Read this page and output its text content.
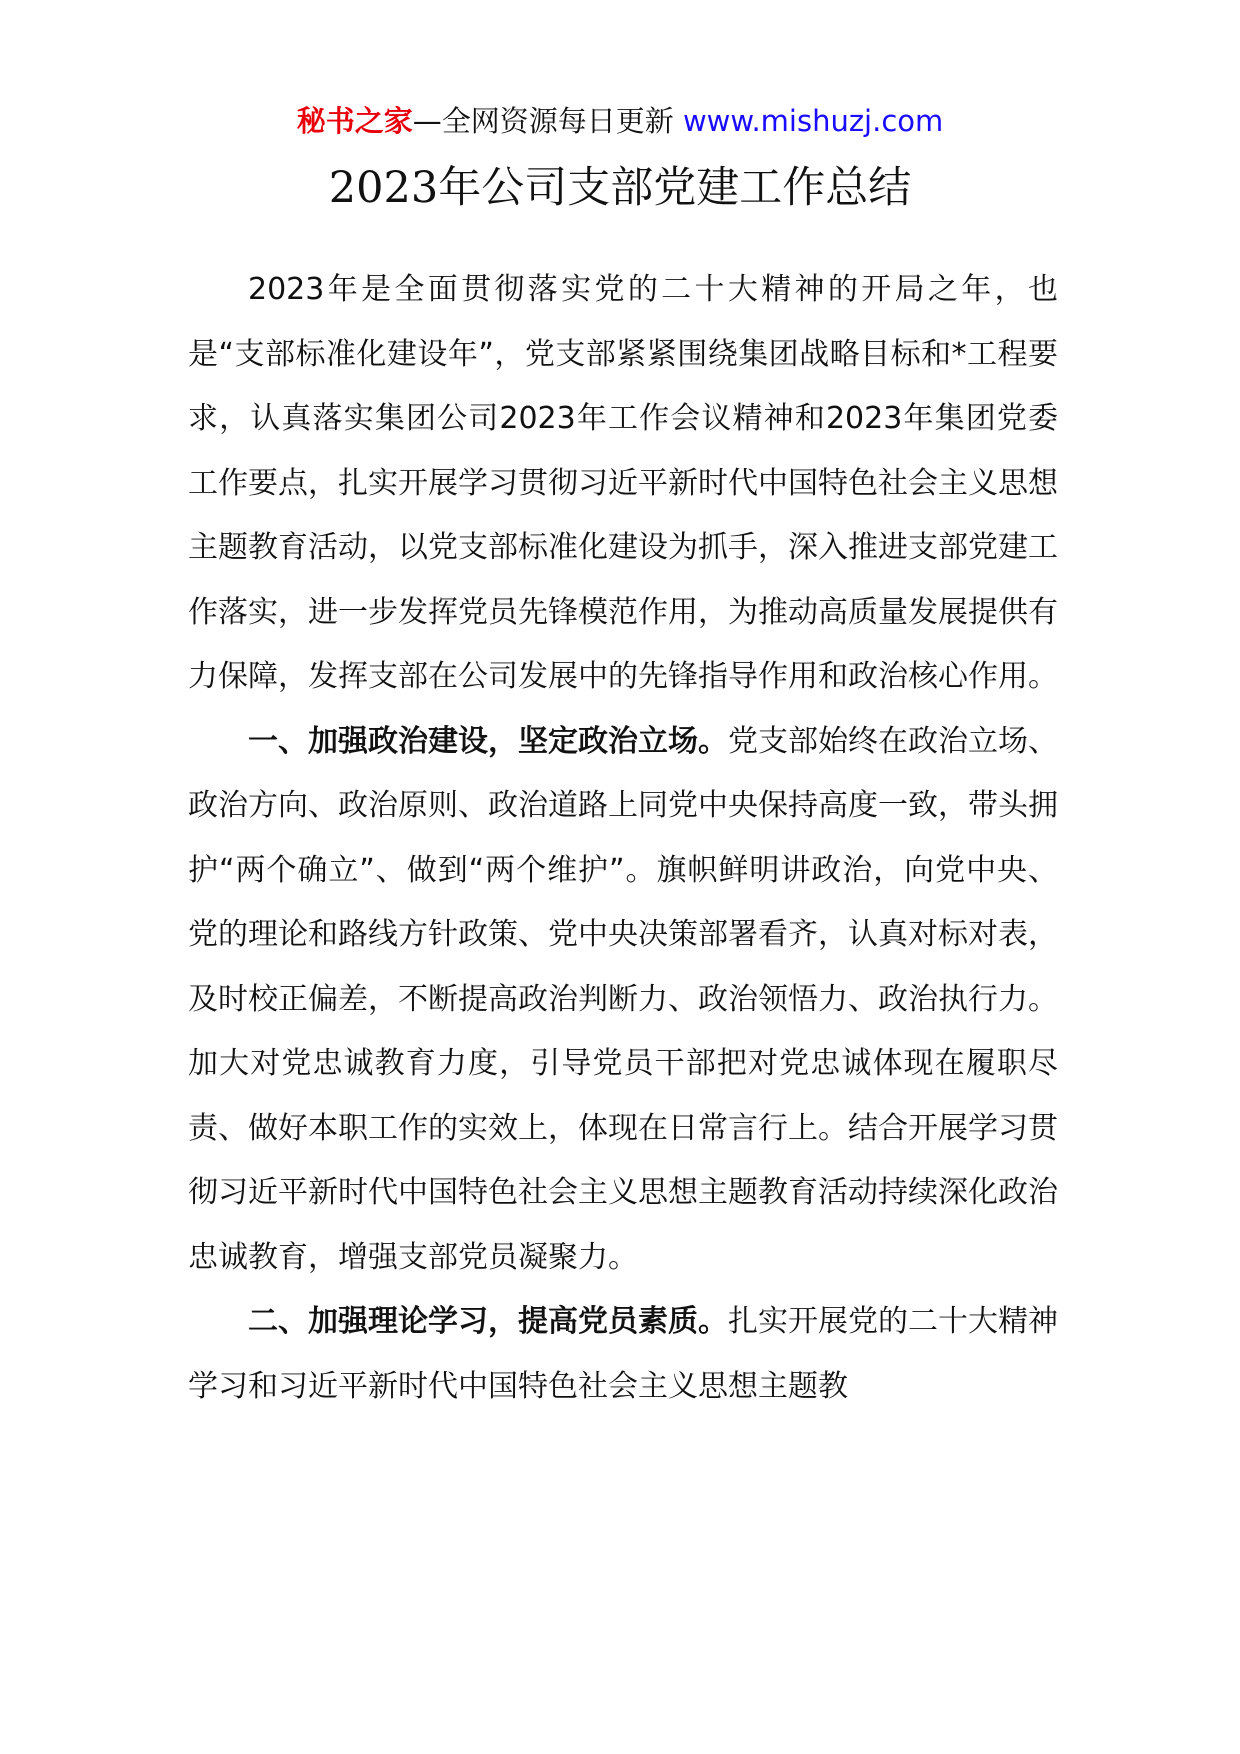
秘书之家—全网资源每日更新 www.mishuzj.com
2023年公司支部党建工作总结

2023年是全面贯彻落实党的二十大精神的开局之年，也是“支部标准化建设年”，党支部紧紧围绕集团战略目标和*工程要求，认真落实集团公司2023年工作会议精神和2023年集团党委工作要点，扎实开展学习贯彻习近平新时代中国特色社会主义思想主题教育活动，以党支部标准化建设为抓手，深入推进支部党建工作落实，进一步发挥党员先锋模范作用，为推动高质量发展提供有力保障，发挥支部在公司发展中的先锋指导作用和政治核心作用。

一、加强政治建设，坚定政治立场。党支部始终在政治立场、政治方向、政治原则、政治道路上同党中央保持高度一致，带头拥护“两个确立”、做到“两个维护”。旗帜鲜明讲政治，向党中央、党的理论和路线方针政策、党中央决策部署看齐，认真对标对表，及时校正偏差，不断提高政治判断力、政治领悟力、政治执行力。加大对党忠诚教育力度，引导党员干部把对党忠诚体现在履职尽责、做好本职工作的实效上，体现在日常言行上。结合开展学习贯彻习近平新时代中国特色社会主义思想主题教育活动持续深化政治忠诚教育，增强支部党员凝聚力。

二、加强理论学习，提高党员素质。扎实开展党的二十大精神学习和习近平新时代中国特色社会主义思想主题教
